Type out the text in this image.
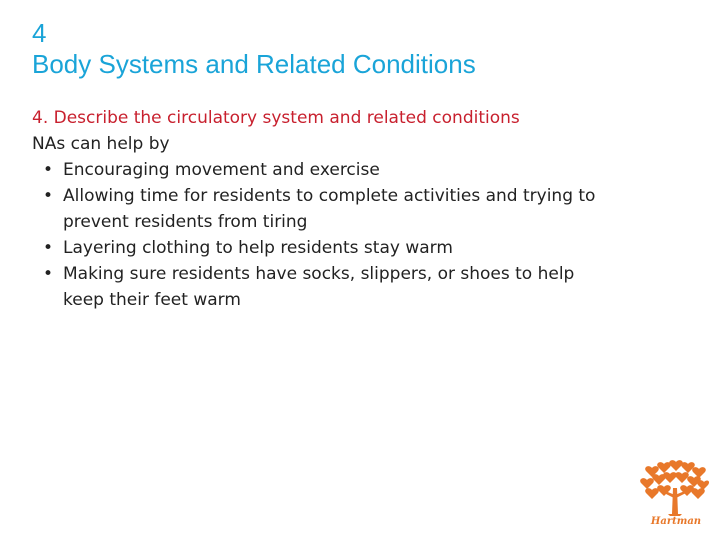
4
Body Systems and Related Conditions
4. Describe the circulatory system and related conditions
NAs can help by
• Encouraging movement and exercise
• Allowing time for residents to complete activities and trying to
prevent residents from tiring
• Layering clothing to help residents stay warm
• Making sure residents have socks, slippers, or shoes to help
keep their feet warm
Hartman
